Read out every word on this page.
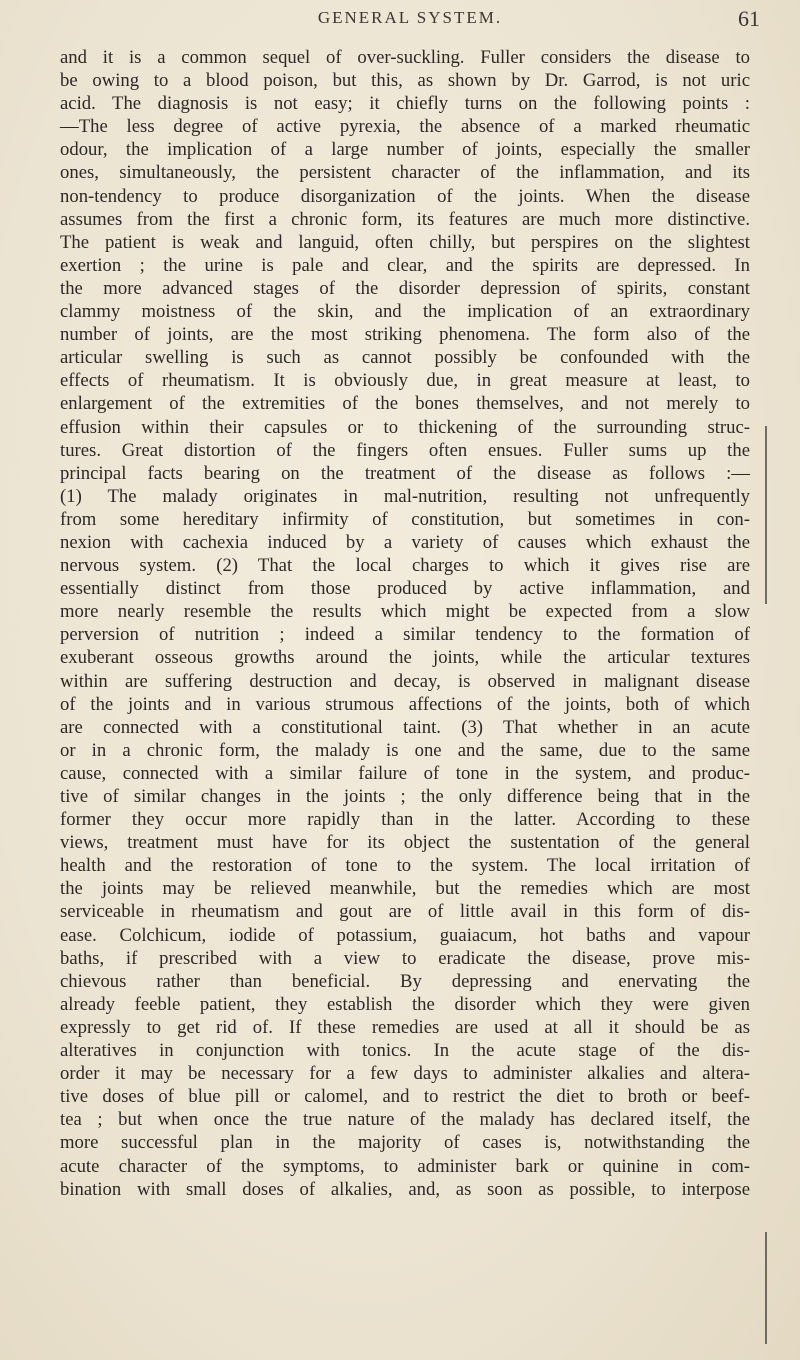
GENERAL SYSTEM.	61
and it is a common sequel of over-suckling. Fuller considers the disease to
be owing to a blood poison, but this, as shown by Dr. Garrod, is not uric
acid. The diagnosis is not easy; it chiefly turns on the following points :
—The less degree of active pyrexia, the absence of a marked rheumatic
odour, the implication of a large number of joints, especially the smaller
ones, simultaneously, the persistent character of the inflammation, and its
non-tendency to produce disorganization of the joints. When the disease
assumes from the first a chronic form, its features are much more distinctive.
The patient is weak and languid, often chilly, but perspires on the slightest
exertion ; the urine is pale and clear, and the spirits are depressed. In
the more advanced stages of the disorder depression of spirits, constant
clammy moistness of the skin, and the implication of an extraordinary
number of joints, are the most striking phenomena. The form also of the
articular swelling is such as cannot possibly be confounded with the
effects of rheumatism. It is obviously due, in great measure at least, to
enlargement of the extremities of the bones themselves, and not merely to
effusion within their capsules or to thickening of the surrounding struc-
tures. Great distortion of the fingers often ensues. Fuller sums up the
principal facts bearing on the treatment of the disease as follows :—
(1) The malady originates in mal-nutrition, resulting not unfrequently
from some hereditary infirmity of constitution, but sometimes in con-
nexion with cachexia induced by a variety of causes which exhaust the
nervous system. (2) That the local charges to which it gives rise are
essentially distinct from those produced by active inflammation, and
more nearly resemble the results which might be expected from a slow
perversion of nutrition ; indeed a similar tendency to the formation of
exuberant osseous growths around the joints, while the articular textures
within are suffering destruction and decay, is observed in malignant disease
of the joints and in various strumous affections of the joints, both of which
are connected with a constitutional taint. (3) That whether in an acute
or in a chronic form, the malady is one and the same, due to the same
cause, connected with a similar failure of tone in the system, and produc-
tive of similar changes in the joints ; the only difference being that in the
former they occur more rapidly than in the latter. According to these
views, treatment must have for its object the sustentation of the general
health and the restoration of tone to the system. The local irritation of
the joints may be relieved meanwhile, but the remedies which are most
serviceable in rheumatism and gout are of little avail in this form of dis-
ease. Colchicum, iodide of potassium, guaiacum, hot baths and vapour
baths, if prescribed with a view to eradicate the disease, prove mis-
chievous rather than beneficial. By depressing and enervating the
already feeble patient, they establish the disorder which they were given
expressly to get rid of. If these remedies are used at all it should be as
alteratives in conjunction with tonics. In the acute stage of the dis-
order it may be necessary for a few days to administer alkalies and altera-
tive doses of blue pill or calomel, and to restrict the diet to broth or beef-
tea ; but when once the true nature of the malady has declared itself, the
more successful plan in the majority of cases is, notwithstanding the
acute character of the symptoms, to administer bark or quinine in com-
bination with small doses of alkalies, and, as soon as possible, to interpose
